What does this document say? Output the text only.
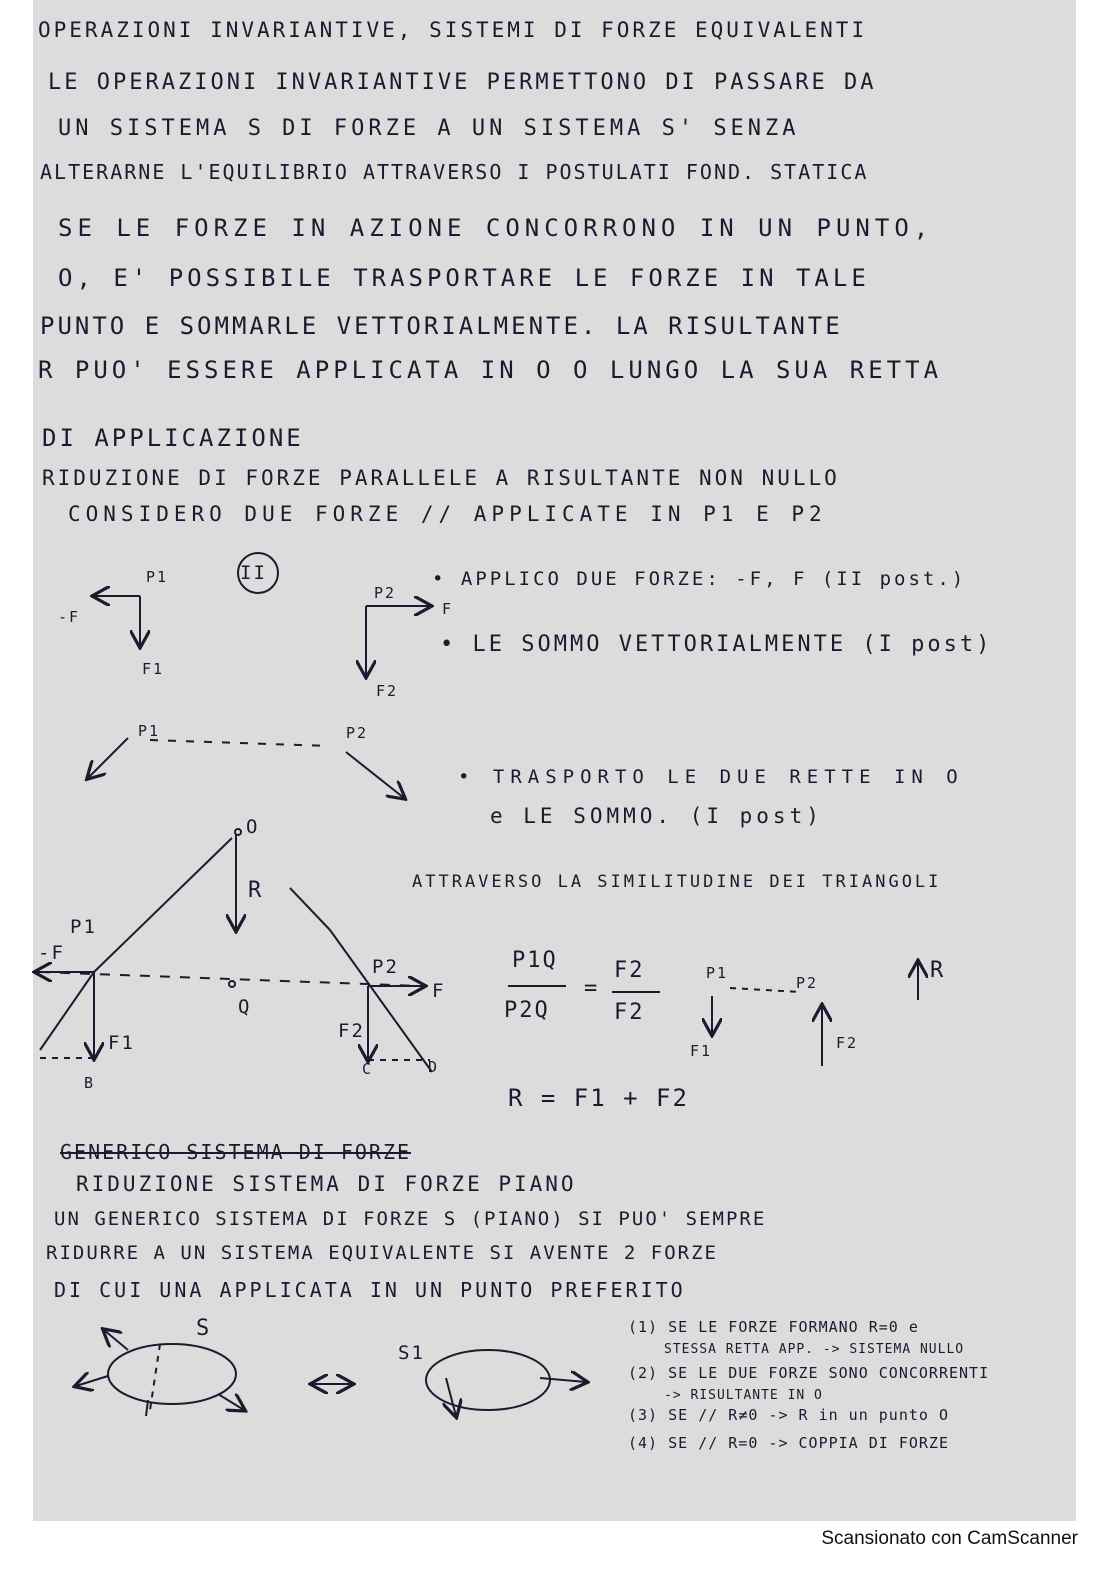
OPERAZIONI INVARIANTIVE, SISTEMI DI FORZE EQUIVALENTI
LE OPERAZIONI INVARIANTIVE PERMETTONO DI PASSARE DA
UN SISTEMA S DI FORZE A UN SISTEMA S' SENZA
ALTERARNE L'EQUILIBRIO ATTRAVERSO I POSTULATI FOND. STATICA
SE LE FORZE IN AZIONE CONCORRONO IN UN PUNTO,
O, E' POSSIBILE TRASPORTARE LE FORZE IN TALE
PUNTO E SOMMARLE VETTORIALMENTE. LA RISULTANTE
R PUO' ESSERE APPLICATA IN O O LUNGO LA SUA RETTA
DI APPLICAZIONE
RIDUZIONE DI FORZE PARALLELE A RISULTANTE NON NULLO
CONSIDERO DUE FORZE // APPLICATE IN P1 E P2
• APPLICO DUE FORZE: -F, F (II post.)
• LE SOMMO VETTORIALMENTE (I post)
• TRASPORTO LE DUE RETTE IN O
e LE SOMMO. (I post)
ATTRAVERSO LA SIMILITUDINE DEI TRIANGOLI
II
P1
-F
F1
P2
F
F2
P1	P2
O
R
P1
-F
P2
F
Q
F1
F2
B
C	D
P1Q
P2Q
=
F2
F2
P1
P2
F1	F2
R
R = F1 + F2
GENERICO SISTEMA DI FORZE
RIDUZIONE SISTEMA DI FORZE PIANO
UN GENERICO SISTEMA DI FORZE S (PIANO) SI PUO' SEMPRE
RIDURRE A UN SISTEMA EQUIVALENTE SI AVENTE 2 FORZE
DI CUI UNA APPLICATA IN UN PUNTO PREFERITO
S
S1
(1) SE LE FORZE FORMANO R=0 e
STESSA RETTA APP. -> SISTEMA NULLO
(2) SE LE DUE FORZE SONO CONCORRENTI
-> RISULTANTE IN O
(3) SE // R≠0 -> R in un punto O
(4) SE // R=0 -> COPPIA DI FORZE
Scansionato con CamScanner
